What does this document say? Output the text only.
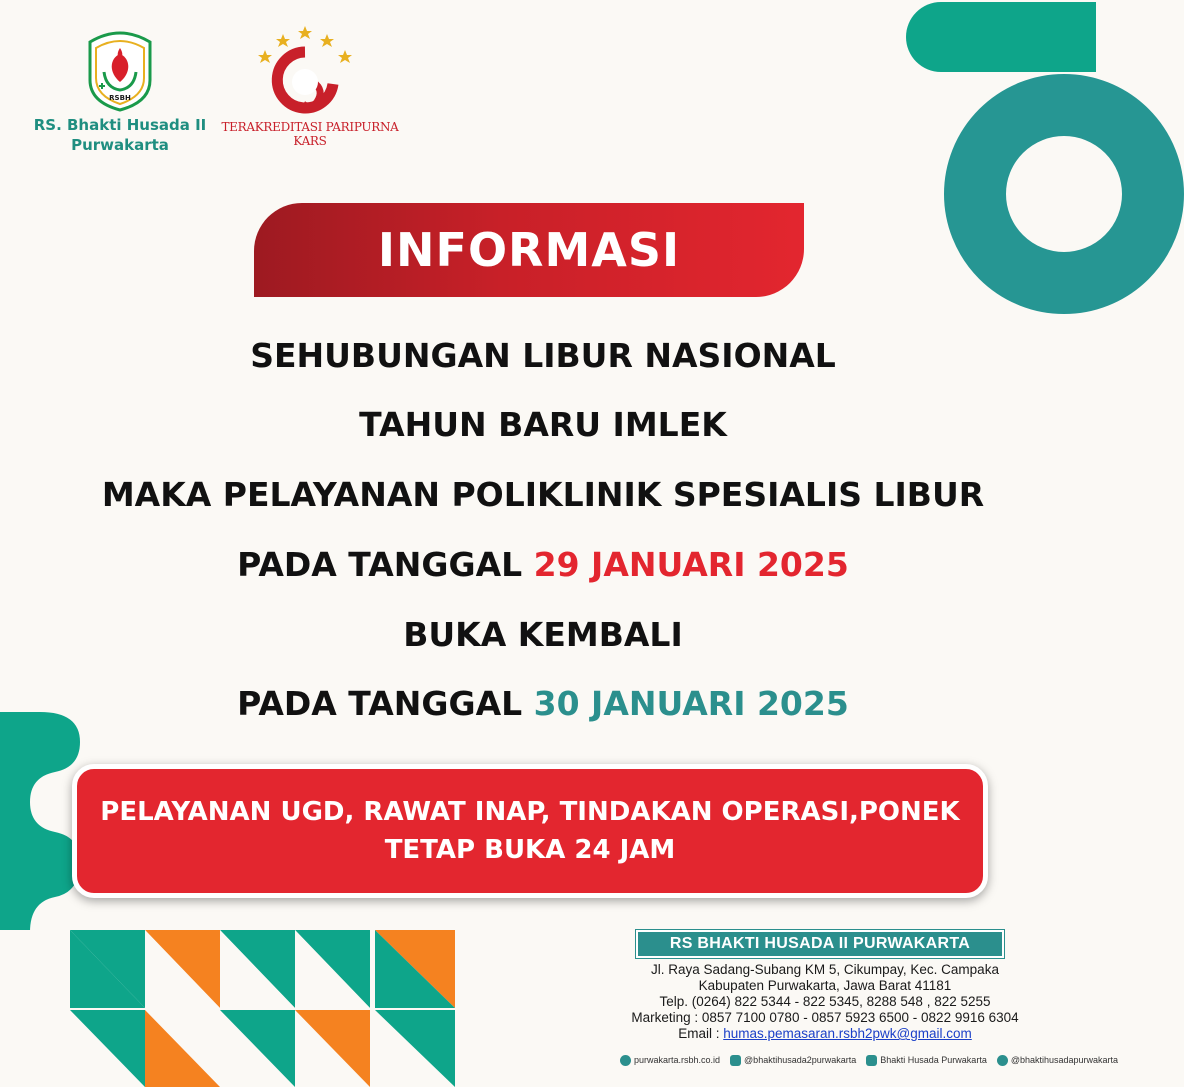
RSBH
RS. Bhakti Husada II
Purwakarta
TERAKREDITASI PARIPURNA
KARS
INFORMASI
SEHUBUNGAN LIBUR NASIONAL
TAHUN BARU IMLEK
MAKA PELAYANAN POLIKLINIK SPESIALIS LIBUR
PADA TANGGAL 29 JANUARI 2025
BUKA KEMBALI
PADA TANGGAL 30 JANUARI 2025
PELAYANAN UGD, RAWAT INAP, TINDAKAN OPERASI,PONEK
TETAP BUKA 24 JAM
RS BHAKTI HUSADA II PURWAKARTA
Jl. Raya Sadang-Subang KM 5, Cikumpay, Kec. Campaka
Kabupaten Purwakarta, Jawa Barat 41181
Telp. (0264) 822 5344 - 822 5345, 8288 548 , 822 5255
Marketing : 0857 7100 0780 - 0857 5923 6500 - 0822 9916 6304
Email : humas.pemasaran.rsbh2pwk@gmail.com
purwakarta.rsbh.co.id	@bhaktihusada2purwakarta	Bhakti Husada Purwakarta	@bhaktihusadapurwakarta
